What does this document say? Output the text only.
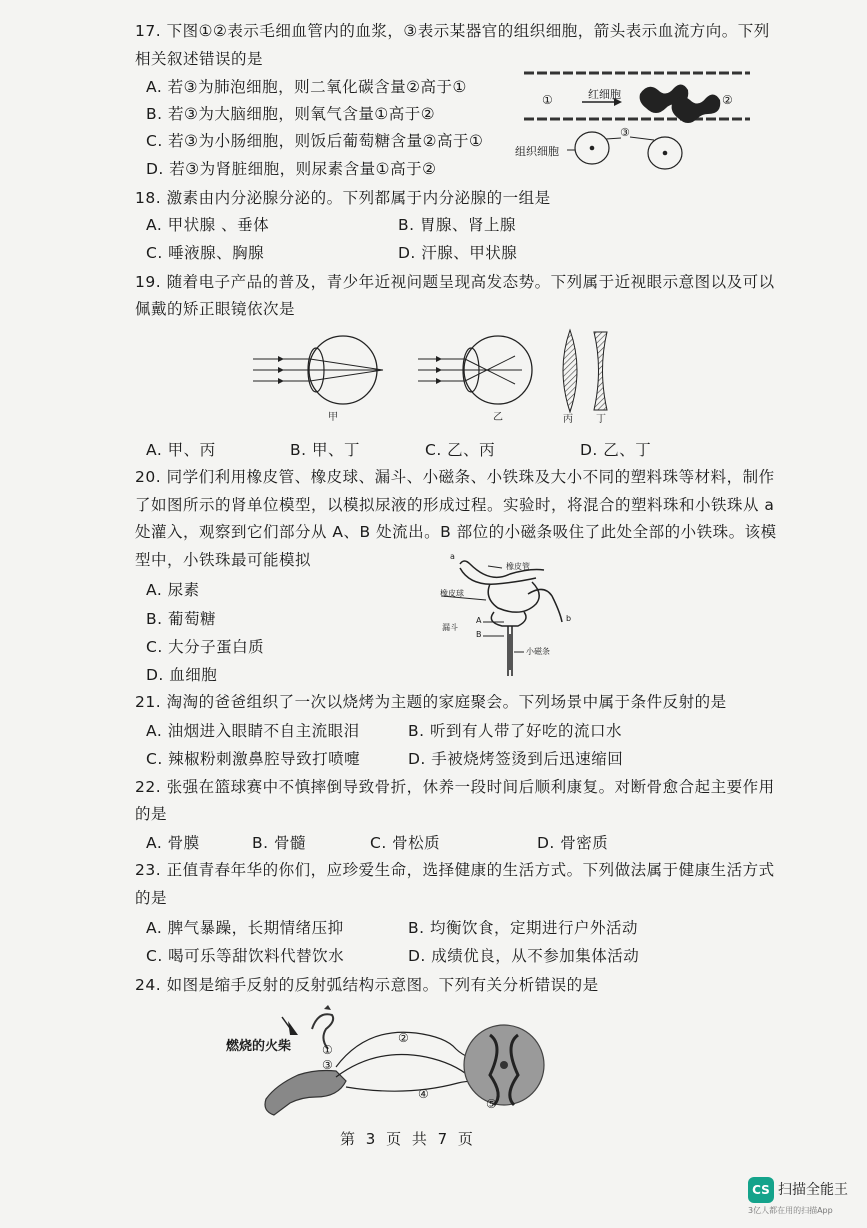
17. 下图①②表示毛细血管内的血浆，③表示某器官的组织细胞，箭头表示血流方向。下列
相关叙述错误的是
A. 若③为肺泡细胞，则二氧化碳含量②高于①
B. 若③为大脑细胞，则氧气含量①高于②
C. 若③为小肠细胞，则饭后葡萄糖含量②高于①
D. 若③为肾脏细胞，则尿素含量①高于②
①	②
③
红细胞
组织细胞
18. 激素由内分泌腺分泌的。下列都属于内分泌腺的一组是
A. 甲状腺 、垂体	B. 胃腺、肾上腺
C. 唾液腺、胸腺	D. 汗腺、甲状腺
19. 随着电子产品的普及，青少年近视问题呈现高发态势。下列属于近视眼示意图以及可以
佩戴的矫正眼镜依次是
甲	乙	丙 丁
A. 甲、丙	B. 甲、丁	C. 乙、丙	D. 乙、丁
20. 同学们利用橡皮管、橡皮球、漏斗、小磁条、小铁珠及大小不同的塑料珠等材料，制作
了如图所示的肾单位模型，以模拟尿液的形成过程。实验时，将混合的塑料珠和小铁珠从 a
处灌入，观察到它们部分从 A、B 处流出。B 部位的小磁条吸住了此处全部的小铁珠。该模
型中，小铁珠最可能模拟
A. 尿素
B. 葡萄糖
C. 大分子蛋白质
D. 血细胞
a
b
A
B
橡皮管
橡皮球
漏斗
小磁条
21. 淘淘的爸爸组织了一次以烧烤为主题的家庭聚会。下列场景中属于条件反射的是
A. 油烟进入眼睛不自主流眼泪	B. 听到有人带了好吃的流口水
C. 辣椒粉刺激鼻腔导致打喷嚏	D. 手被烧烤签烫到后迅速缩回
22. 张强在篮球赛中不慎摔倒导致骨折，休养一段时间后顺利康复。对断骨愈合起主要作用
的是
A. 骨膜	B. 骨髓	C. 骨松质	D. 骨密质
23. 正值青春年华的你们，应珍爱生命，选择健康的生活方式。下列做法属于健康生活方式
的是
A. 脾气暴躁，长期情绪压抑	B. 均衡饮食，定期进行户外活动
C. 喝可乐等甜饮料代替饮水	D. 成绩优良，从不参加集体活动
24. 如图是缩手反射的反射弧结构示意图。下列有关分析错误的是
燃烧的火柴	①
②
③
④
⑤
第 3 页 共 7 页
CS 扫描全能王
3亿人都在用的扫描App
